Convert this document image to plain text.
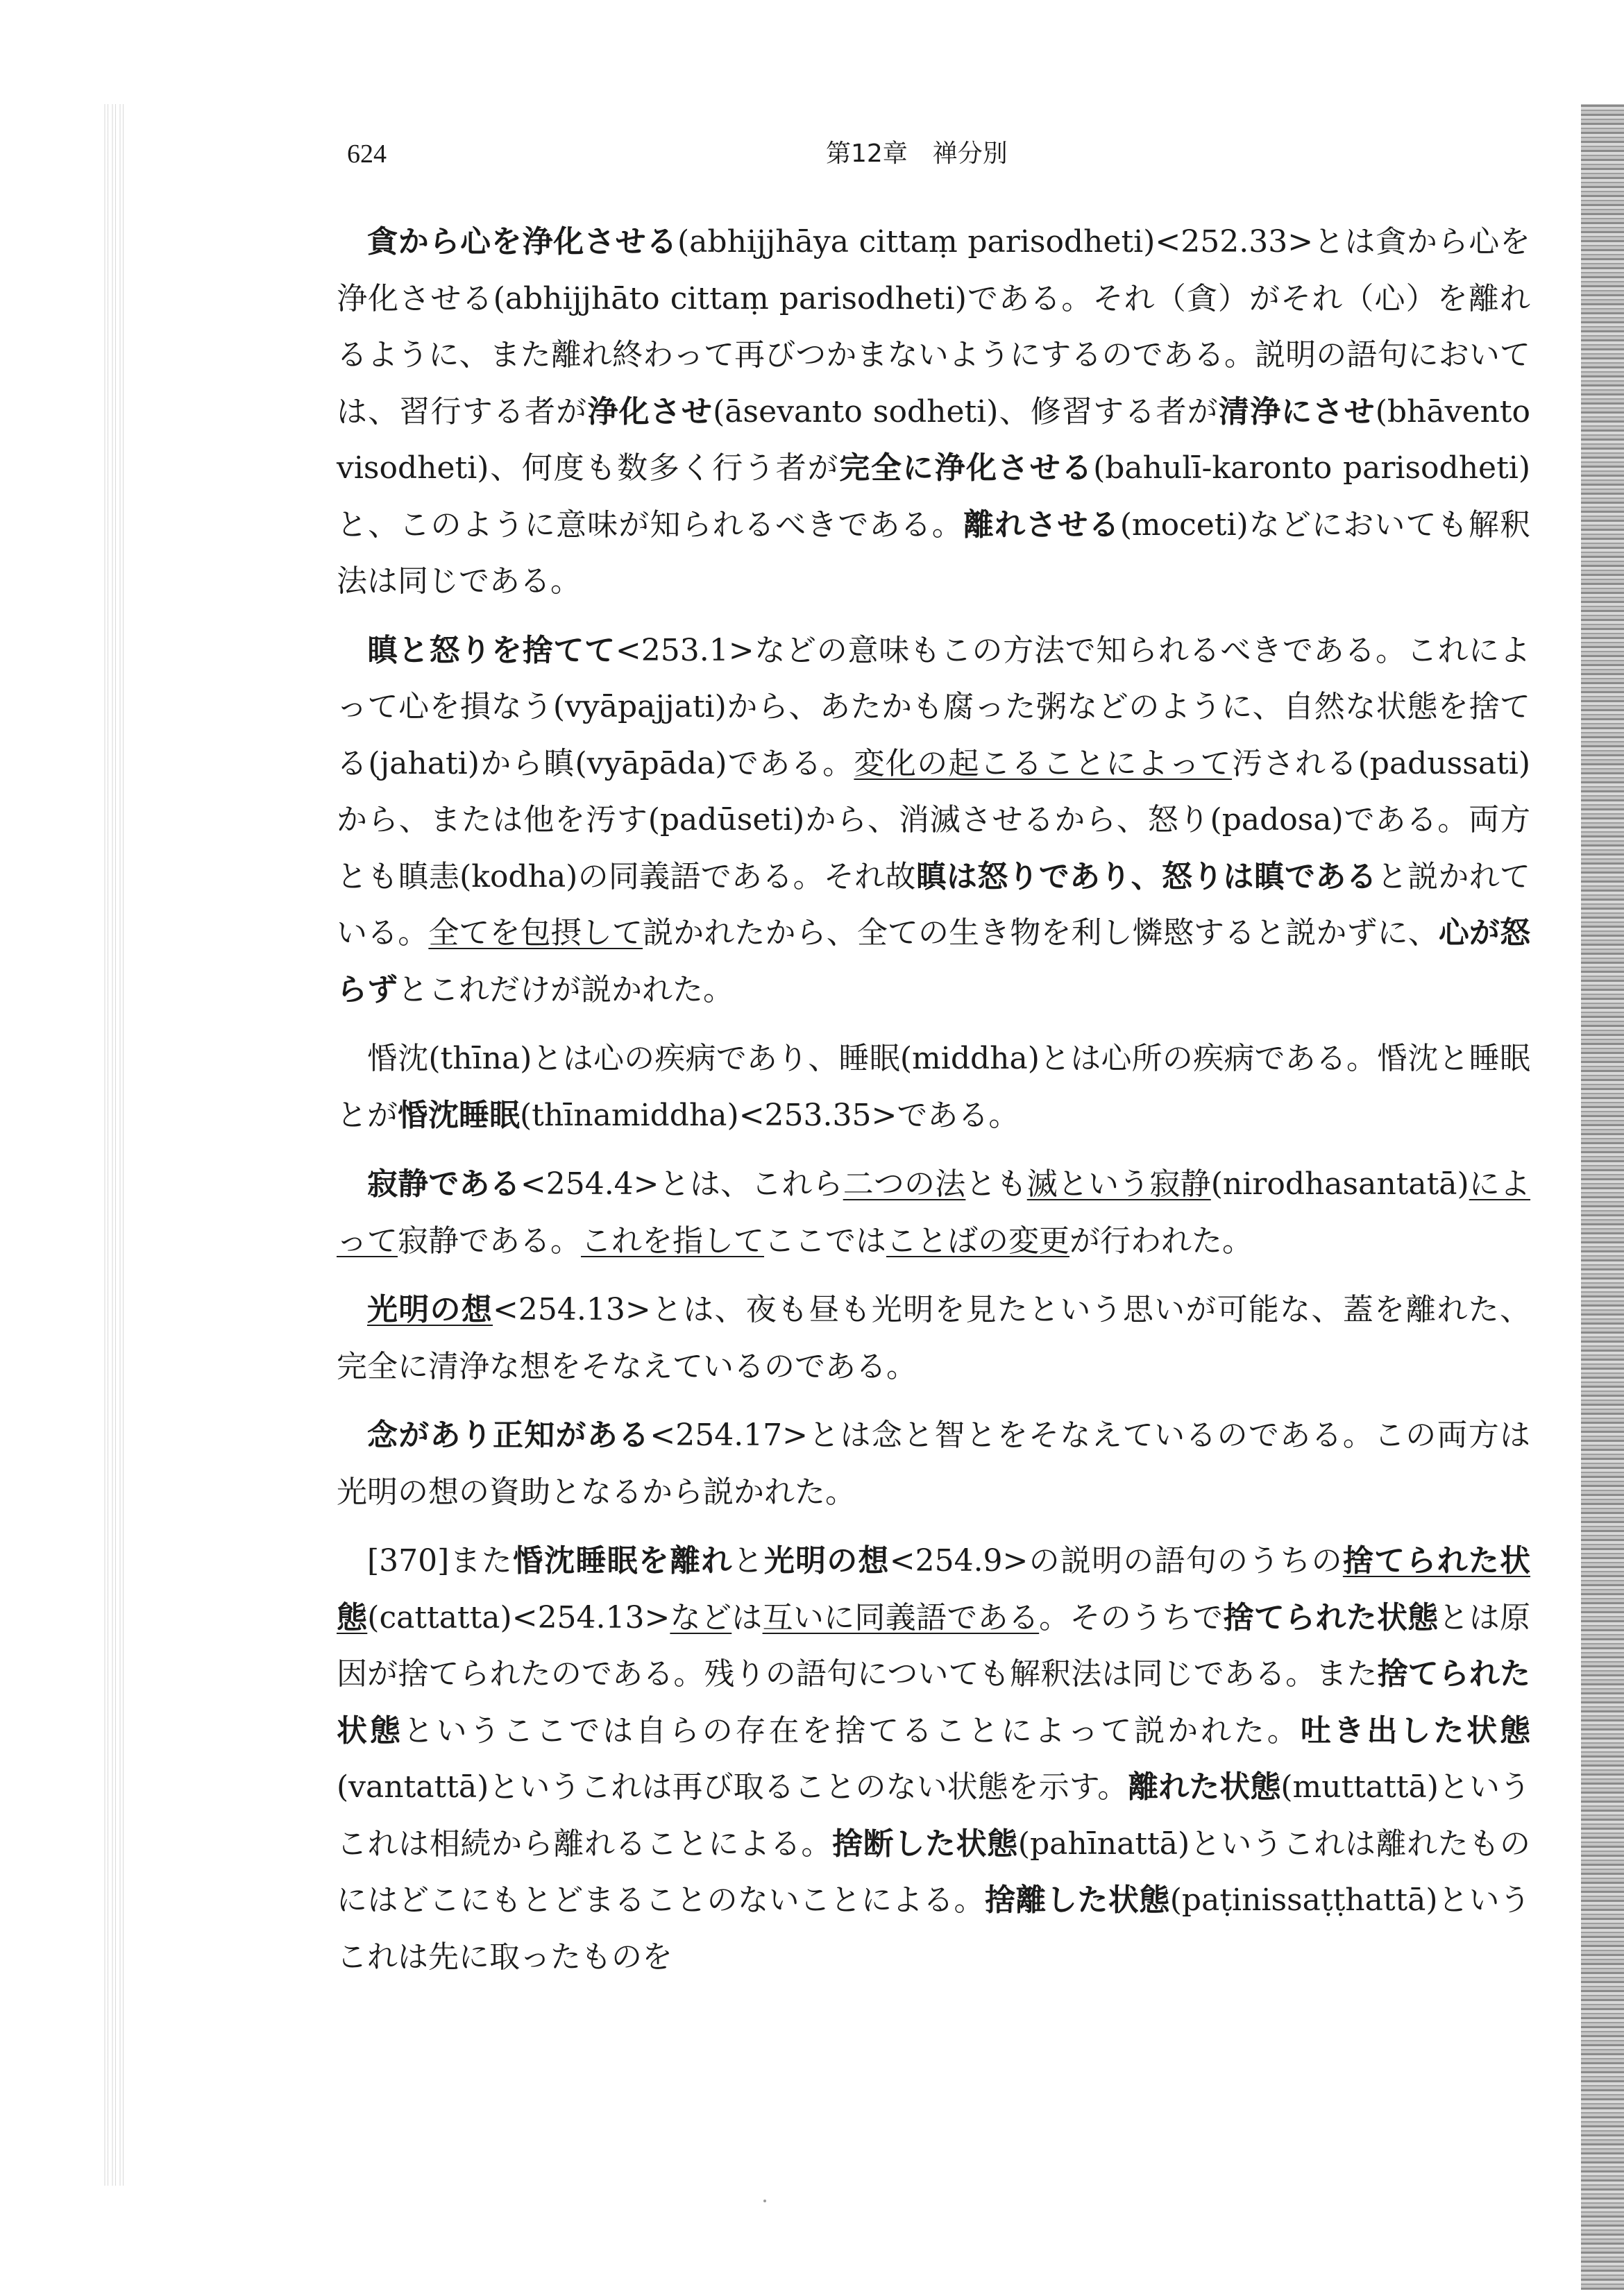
624	第12章　禅分別

貪から心を浄化させる(abhijjhāya cittaṃ parisodheti)<252.33>とは貪から心を浄化させる(abhijjhāto cittaṃ parisodheti)である。それ（貪）がそれ（心）を離れるように、また離れ終わって再びつかまないようにするのである。説明の語句においては、習行する者が浄化させ(āsevanto sodheti)、修習する者が清浄にさせ(bhāvento visodheti)、何度も数多く行う者が完全に浄化させる(bahulī-karonto parisodheti)と、このように意味が知られるべきである。離れさせる(moceti)などにおいても解釈法は同じである。

瞋と怒りを捨てて<253.1>などの意味もこの方法で知られるべきである。これによって心を損なう(vyāpajjati)から、あたかも腐った粥などのように、自然な状態を捨てる(jahati)から瞋(vyāpāda)である。変化の起こることによって汚される(padussati)から、または他を汚す(padūseti)から、消滅させるから、怒り(padosa)である。両方とも瞋恚(kodha)の同義語である。それ故瞋は怒りであり、怒りは瞋であると説かれている。全てを包摂して説かれたから、全ての生き物を利し憐愍すると説かずに、心が怒らずとこれだけが説かれた。

惛沈(thīna)とは心の疾病であり、睡眠(middha)とは心所の疾病である。惛沈と睡眠とが惛沈睡眠(thīnamiddha)<253.35>である。

寂静である<254.4>とは、これら二つの法とも滅という寂静(nirodhasantatā)によって寂静である。これを指してここではことばの変更が行われた。

光明の想<254.13>とは、夜も昼も光明を見たという思いが可能な、蓋を離れた、完全に清浄な想をそなえているのである。

念があり正知がある<254.17>とは念と智とをそなえているのである。この両方は光明の想の資助となるから説かれた。

[370]また惛沈睡眠を離れと光明の想<254.9>の説明の語句のうちの捨てられた状態(cattatta)<254.13>などは互いに同義語である。そのうちで捨てられた状態とは原因が捨てられたのである。残りの語句についても解釈法は同じである。また捨てられた状態というここでは自らの存在を捨てることによって説かれた。吐き出した状態(vantattā)というこれは再び取ることのない状態を示す。離れた状態(muttattā)というこれは相続から離れることによる。捨断した状態(pahīnattā)というこれは離れたものにはどこにもとどまることのないことによる。捨離した状態(paṭinissaṭṭhattā)というこれは先に取ったものを
